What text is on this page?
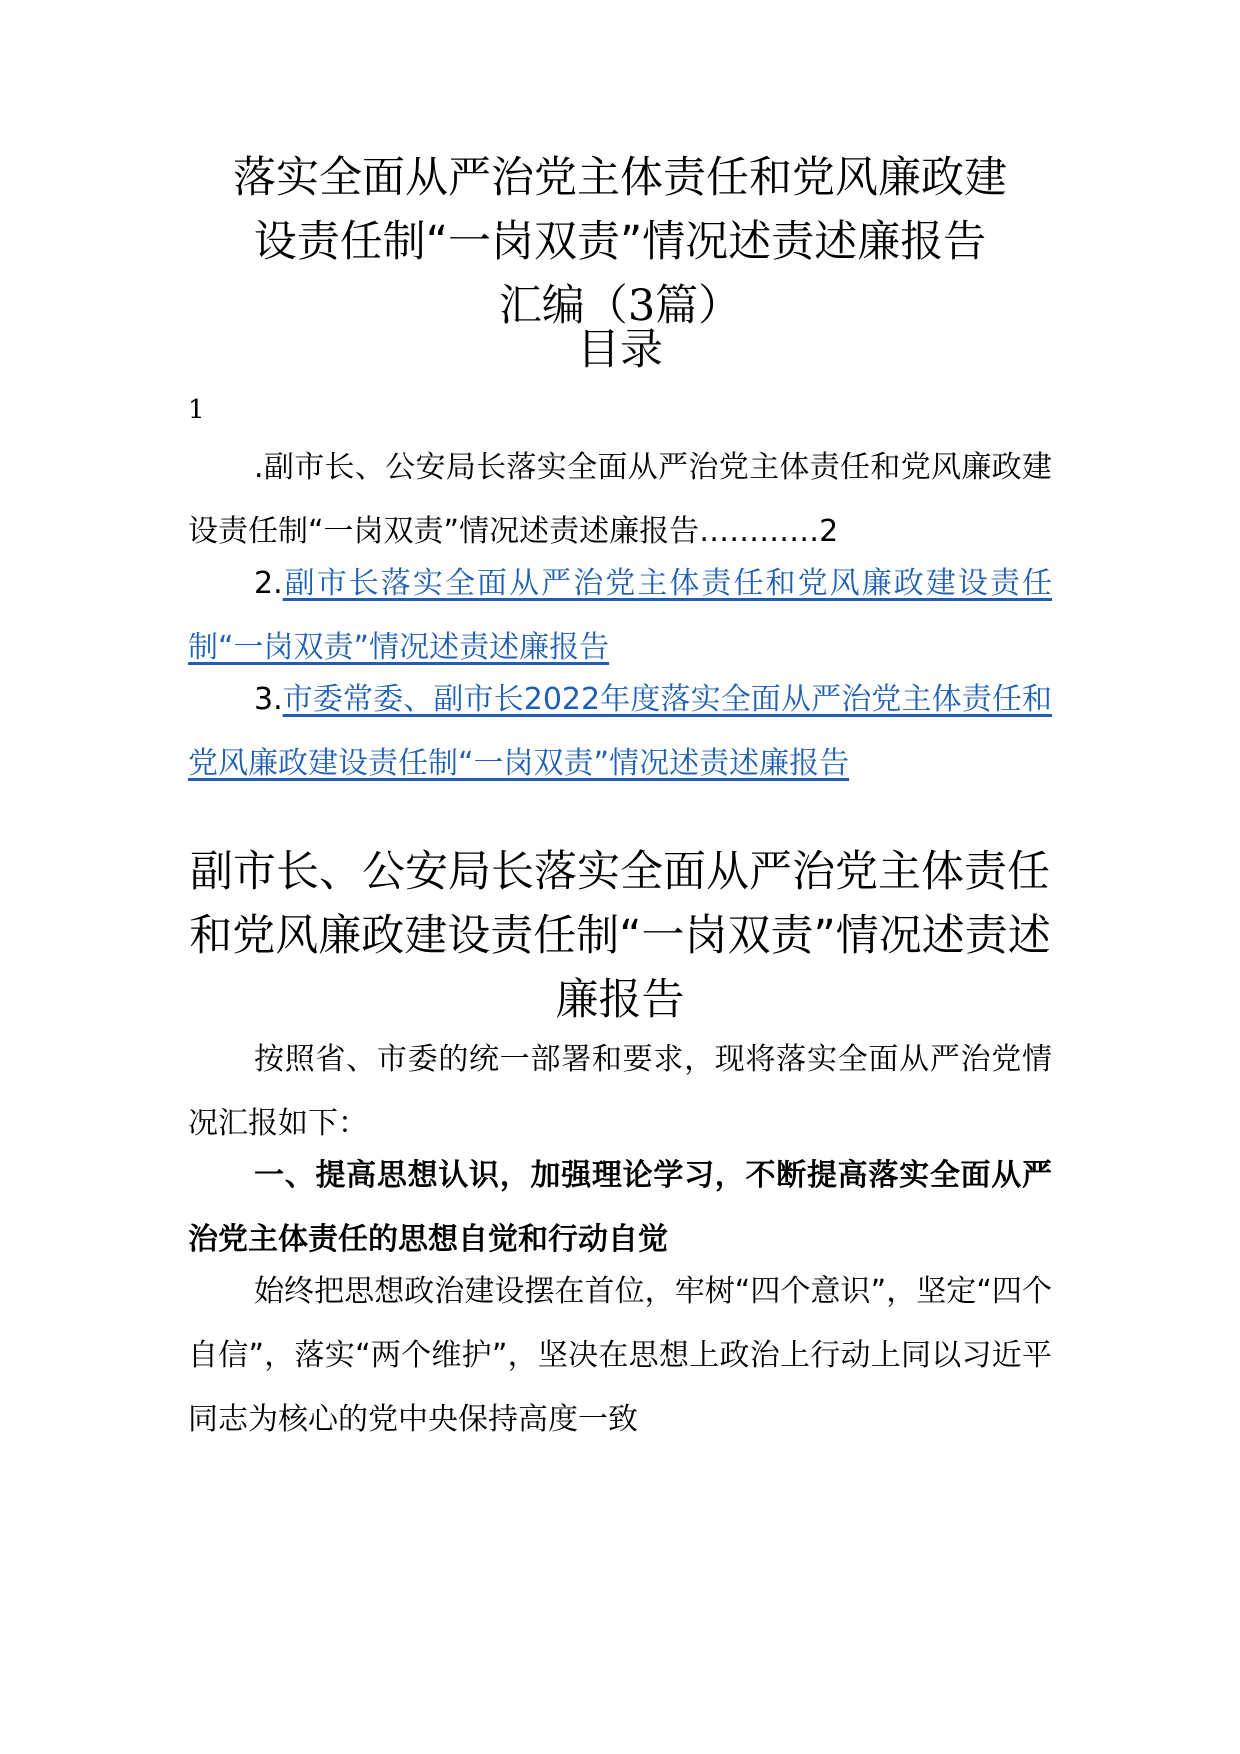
落实全面从严治党主体责任和党风廉政建
设责任制“一岗双责”情况述责述廉报告
汇编（3篇）
目录
1
.副市长、公安局长落实全面从严治党主体责任和党风廉政建设责任制“一岗双责”情况述责述廉报告…………2
2.副市长落实全面从严治党主体责任和党风廉政建设责任制“一岗双责”情况述责述廉报告
3.市委常委、副市长2022年度落实全面从严治党主体责任和党风廉政建设责任制“一岗双责”情况述责述廉报告
副市长、公安局长落实全面从严治党主体责任和党风廉政建设责任制“一岗双责”情况述责述廉报告
按照省、市委的统一部署和要求，现将落实全面从严治党情况汇报如下：
一、提高思想认识，加强理论学习，不断提高落实全面从严治党主体责任的思想自觉和行动自觉
始终把思想政治建设摆在首位，牢树“四个意识”，坚定“四个自信”，落实“两个维护”，坚决在思想上政治上行动上同以习近平同志为核心的党中央保持高度一致
